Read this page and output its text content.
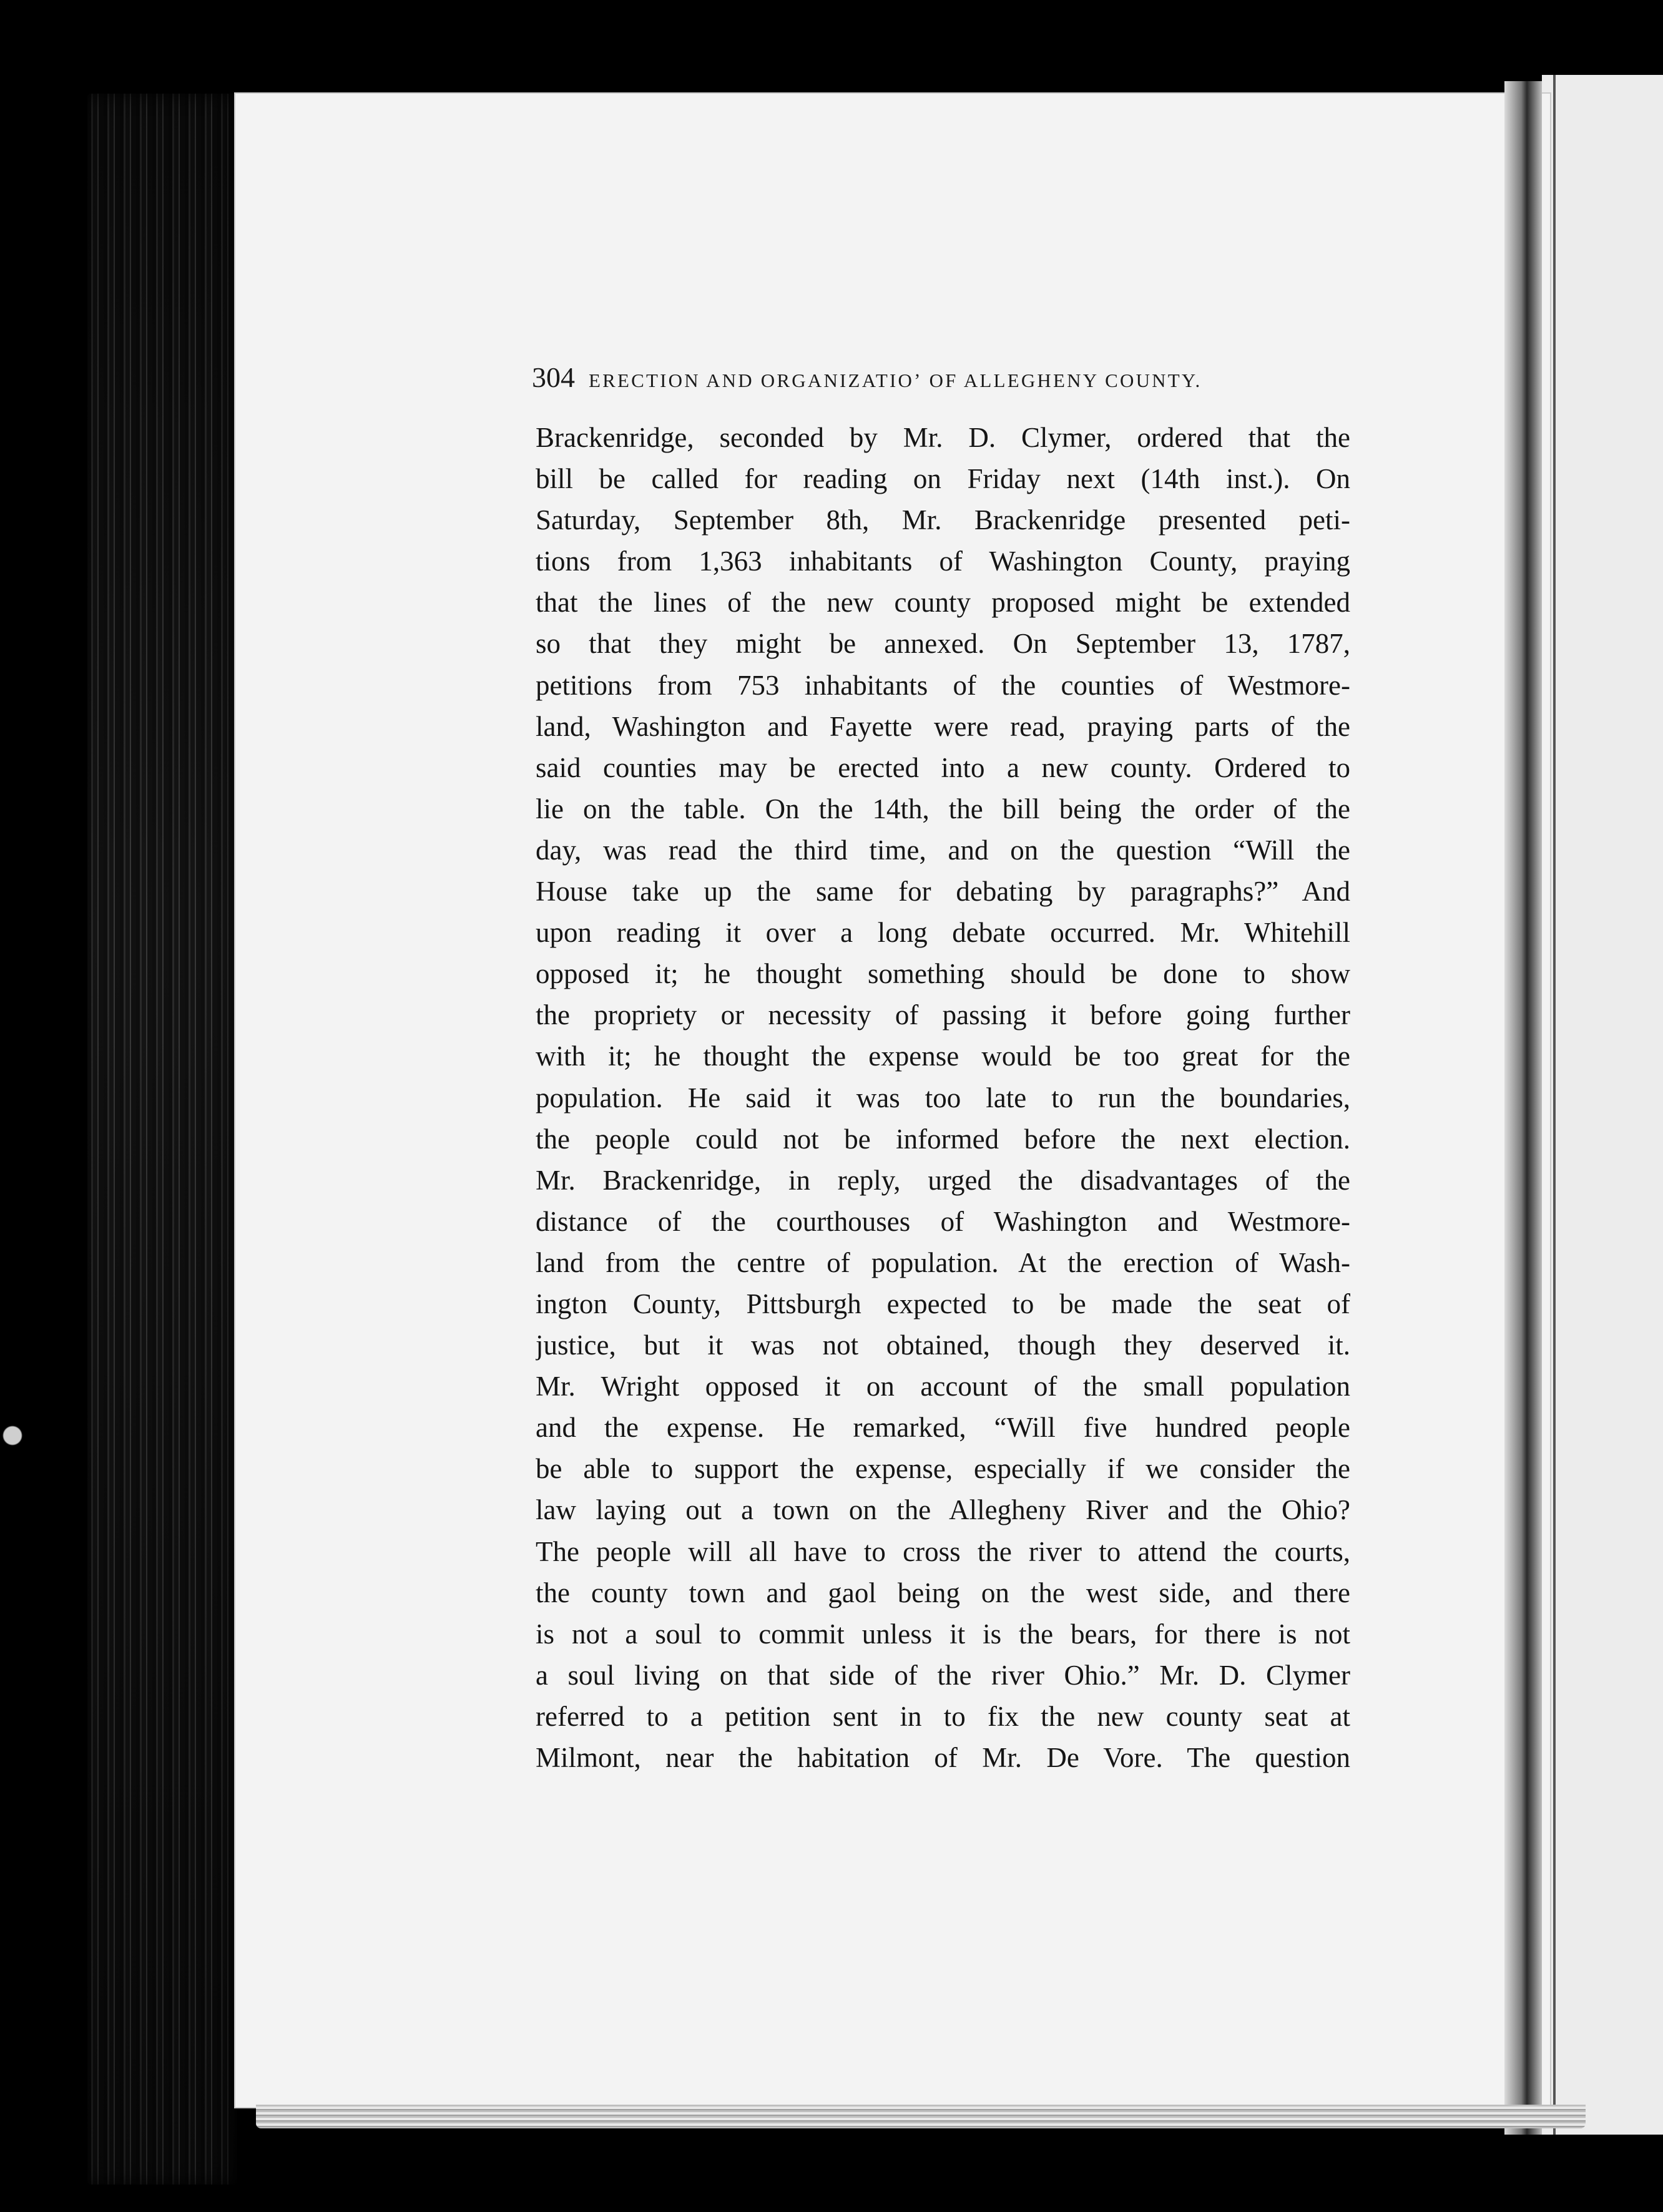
304 ERECTION AND ORGANIZATIOʼ OF ALLEGHENY COUNTY.
Brackenridge, seconded by Mr. D. Clymer, ordered that the
bill be called for reading on Friday next (14th inst.). On
Saturday, September 8th, Mr. Brackenridge presented peti-
tions from 1,363 inhabitants of Washington County, praying
that the lines of the new county proposed might be extended
so that they might be annexed. On September 13, 1787,
petitions from 753 inhabitants of the counties of Westmore-
land, Washington and Fayette were read, praying parts of the
said counties may be erected into a new county. Ordered to
lie on the table. On the 14th, the bill being the order of the
day, was read the third time, and on the question “Will the
House take up the same for debating by paragraphs?” And
upon reading it over a long debate occurred. Mr. Whitehill
opposed it; he thought something should be done to show
the propriety or necessity of passing it before going further
with it; he thought the expense would be too great for the
population. He said it was too late to run the boundaries,
the people could not be informed before the next election.
Mr. Brackenridge, in reply, urged the disadvantages of the
distance of the courthouses of Washington and Westmore-
land from the centre of population. At the erection of Wash-
ington County, Pittsburgh expected to be made the seat of
justice, but it was not obtained, though they deserved it.
Mr. Wright opposed it on account of the small population
and the expense. He remarked, “Will five hundred people
be able to support the expense, especially if we consider the
law laying out a town on the Allegheny River and the Ohio?
The people will all have to cross the river to attend the courts,
the county town and gaol being on the west side, and there
is not a soul to commit unless it is the bears, for there is not
a soul living on that side of the river Ohio.” Mr. D. Clymer
referred to a petition sent in to fix the new county seat at
Milmont, near the habitation of Mr. De Vore. The question
